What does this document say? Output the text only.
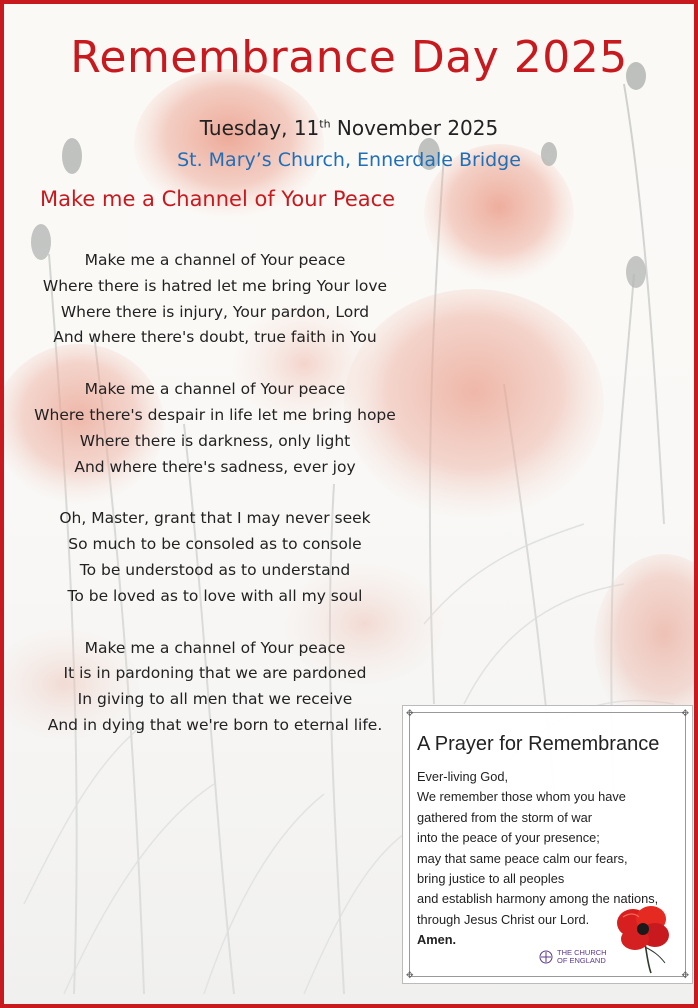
Remembrance Day 2025
Tuesday, 11th November 2025
St. Mary’s Church, Ennerdale Bridge
Make me a Channel of Your Peace
Make me a channel of Your peace
Where there is hatred let me bring Your love
Where there is injury, Your pardon, Lord
And where there's doubt, true faith in You
Make me a channel of Your peace
Where there's despair in life let me bring hope
Where there is darkness, only light
And where there's sadness, ever joy
Oh, Master, grant that I may never seek
So much to be consoled as to console
To be understood as to understand
To be loved as to love with all my soul
Make me a channel of Your peace
It is in pardoning that we are pardoned
In giving to all men that we receive
And in dying that we're born to eternal life.
✥	✥
✥	✥
A Prayer for Remembrance
Ever-living God,
We remember those whom you have
gathered from the storm of war
into the peace of your presence;
may that same peace calm our fears,
bring justice to all peoples
and establish harmony among the nations,
through Jesus Christ our Lord.
Amen.
THE CHURCH
OF ENGLAND
